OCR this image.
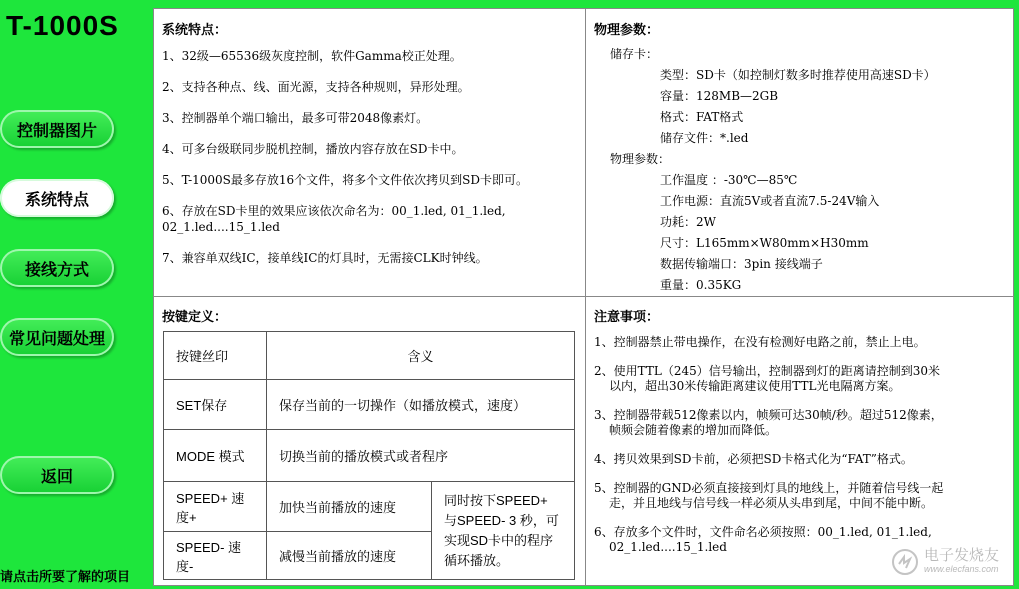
T-1000S
控制器图片
系统特点
接线方式
常见问题处理
返回
请点击所要了解的项目
系统特点：
1、32级—65536级灰度控制，软件Gamma校正处理。
2、支持各种点、线、面光源，支持各种规则，异形处理。
3、控制器单个端口输出，最多可带2048像素灯。
4、可多台级联同步脱机控制，播放内容存放在SD卡中。
5、T-1000S最多存放16个文件，将多个文件依次拷贝到SD卡即可。
6、存放在SD卡里的效果应该依次命名为：00_1.led, 01_1.led,
02_1.led....15_1.led
7、兼容单双线IC，接单线IC的灯具时，无需接CLK时钟线。
物理参数：
储存卡：
类型：SD卡（如控制灯数多时推荐使用高速SD卡）
容量：128MB—2GB
格式：FAT格式
储存文件：*.led
物理参数：
工作温度 ：-30℃—85℃
工作电源：直流5V或者直流7.5-24V输入
功耗：2W
尺寸：L165mm×W80mm×H30mm
数据传输端口：3pin 接线端子
重量：0.35KG
按键定义：
按键丝印	含义	
SET保存	保存当前的一切操作（如播放模式，速度）	
MODE 模式	切换当前的播放模式或者程序	
SPEED+ 速度+	加快当前播放的速度	同时按下SPEED+ 与SPEED- 3 秒，可实现SD卡中的程序循环播放。
SPEED- 速度-	减慢当前播放的速度	
注意事项：
1、控制器禁止带电操作，在没有检测好电路之前，禁止上电。
2、使用TTL（245）信号输出，控制器到灯的距离请控制到30米
以内，超出30米传输距离建议使用TTL光电隔离方案。
3、控制器带载512像素以内，帧频可达30帧/秒。超过512像素，
帧频会随着像素的增加而降低。
4、拷贝效果到SD卡前，必须把SD卡格式化为“FAT”格式。
5、控制器的GND必须直接接到灯具的地线上，并随着信号线一起
走，并且地线与信号线一样必须从头串到尾，中间不能中断。
6、存放多个文件时，文件命名必须按照：00_1.led, 01_1.led,
02_1.led....15_1.led	电子发烧友
www.elecfans.com
